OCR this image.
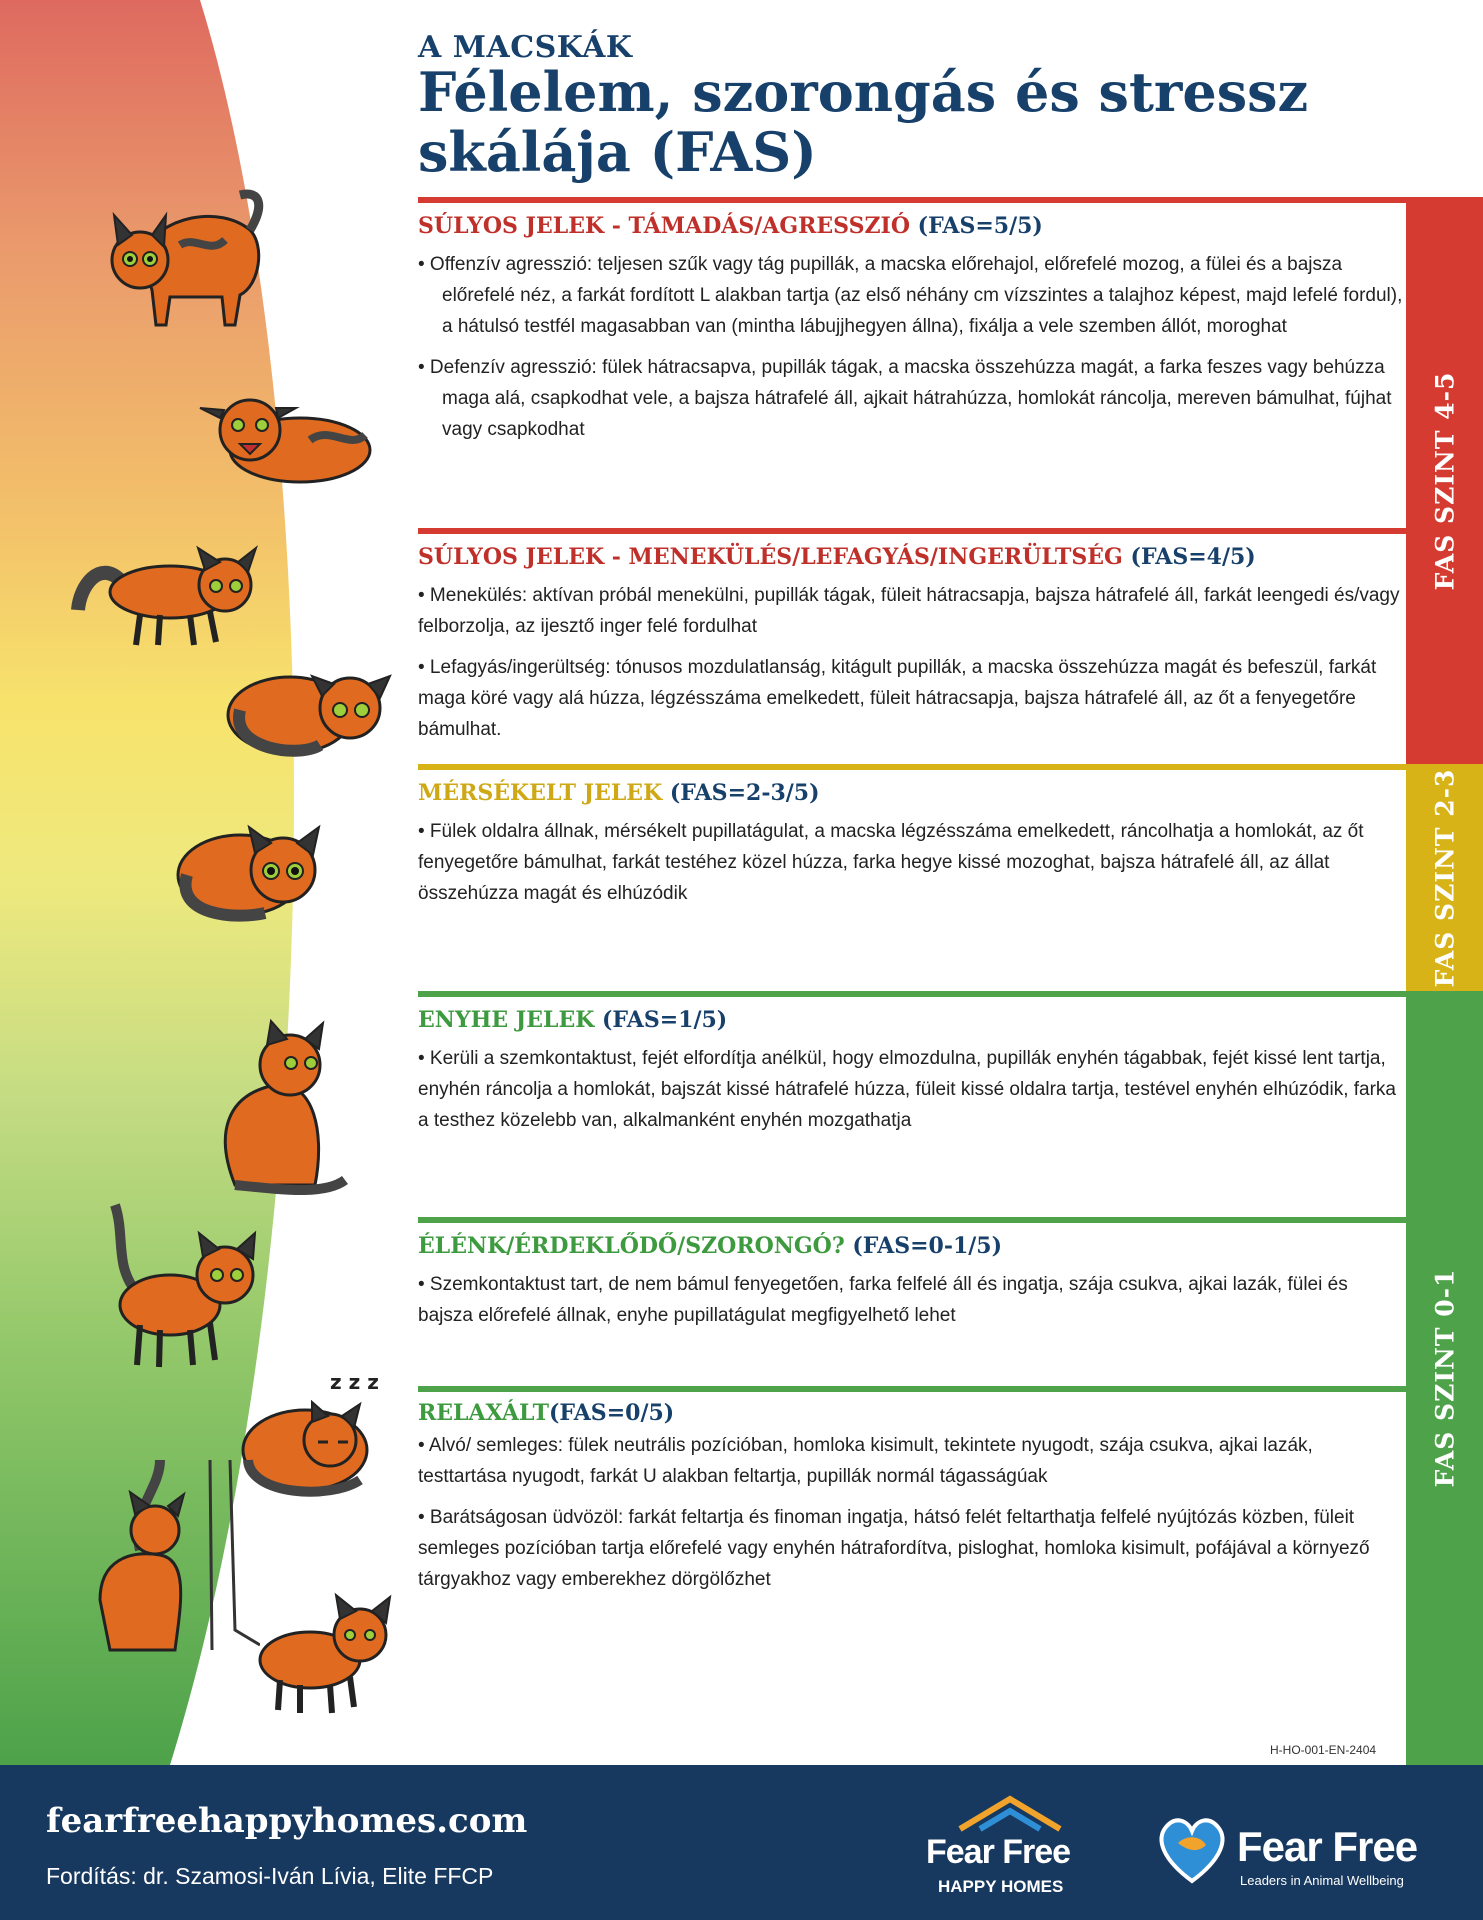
z z z
A MACSKÁK
Félelem, szorongás és stressz skálája (FAS)
SÚLYOS JELEK - TÁMADÁS/AGRESSZIÓ (FAS=5/5)
• Offenzív agresszió: teljesen szűk vagy tág pupillák, a macska előrehajol, előrefelé mozog, a fülei és a bajsza előrefelé néz, a farkát fordított L alakban tartja (az első néhány cm vízszintes a talajhoz képest, majd lefelé fordul), a hátulsó testfél magasabban van (mintha lábujjhegyen állna), fixálja a vele szemben állót, moroghat
• Defenzív agresszió: fülek hátracsapva, pupillák tágak, a macska összehúzza magát, a farka feszes vagy behúzza maga alá, csapkodhat vele, a bajsza hátrafelé áll, ajkait hátrahúzza, homlokát ráncolja, mereven bámulhat, fújhat vagy csapkodhat
SÚLYOS JELEK - MENEKÜLÉS/LEFAGYÁS/INGERÜLTSÉG (FAS=4/5)
• Menekülés: aktívan próbál menekülni, pupillák tágak, füleit hátracsapja, bajsza hátrafelé áll, farkát leengedi és/vagy felborzolja, az ijesztő inger felé fordulhat
• Lefagyás/ingerültség: tónusos mozdulatlanság, kitágult pupillák, a macska összehúzza magát és befeszül, farkát maga köré vagy alá húzza, légzésszáma emelkedett, füleit hátracsapja, bajsza hátrafelé áll, az őt a fenyegetőre bámulhat.
MÉRSÉKELT JELEK (FAS=2-3/5)
• Fülek oldalra állnak, mérsékelt pupillatágulat, a macska légzésszáma emelkedett, ráncolhatja a homlokát, az őt fenyegetőre bámulhat, farkát testéhez közel húzza, farka hegye kissé mozoghat, bajsza hátrafelé áll, az állat összehúzza magát és elhúzódik
ENYHE JELEK (FAS=1/5)
• Kerüli a szemkontaktust, fejét elfordítja anélkül, hogy elmozdulna, pupillák enyhén tágabbak, fejét kissé lent tartja, enyhén ráncolja a homlokát, bajszát kissé hátrafelé húzza, füleit kissé oldalra tartja, testével enyhén elhúzódik, farka a testhez közelebb van, alkalmanként enyhén mozgathatja
ÉLÉNK/ÉRDEKLŐDŐ/SZORONGÓ? (FAS=0-1/5)
• Szemkontaktust tart, de nem bámul fenyegetően, farka felfelé áll és ingatja, szája csukva, ajkai lazák, fülei és bajsza előrefelé állnak, enyhe pupillatágulat megfigyelhető lehet
RELAXÁLT(FAS=0/5)
• Alvó/ semleges: fülek neutrális pozícióban, homloka kisimult, tekintete nyugodt, szája csukva, ajkai lazák, testtartása nyugodt, farkát U alakban feltartja, pupillák normál tágasságúak
• Barátságosan üdvözöl: farkát feltartja és finoman ingatja, hátsó felét feltarthatja felfelé nyújtózás közben, füleit semleges pozícióban tartja előrefelé vagy enyhén hátrafordítva, pisloghat, homloka kisimult, pofájával a környező tárgyakhoz vagy emberekhez dörgölőzhet
FAS SZINT 4-5
FAS SZINT 2-3
FAS SZINT 0-1
H-HO-001-EN-2404
fearfreehappyhomes.com
Fordítás: dr. Szamosi-Iván Lívia, Elite FFCP
Fear Free
HAPPY HOMES
Fear Free
Leaders in Animal Wellbeing
